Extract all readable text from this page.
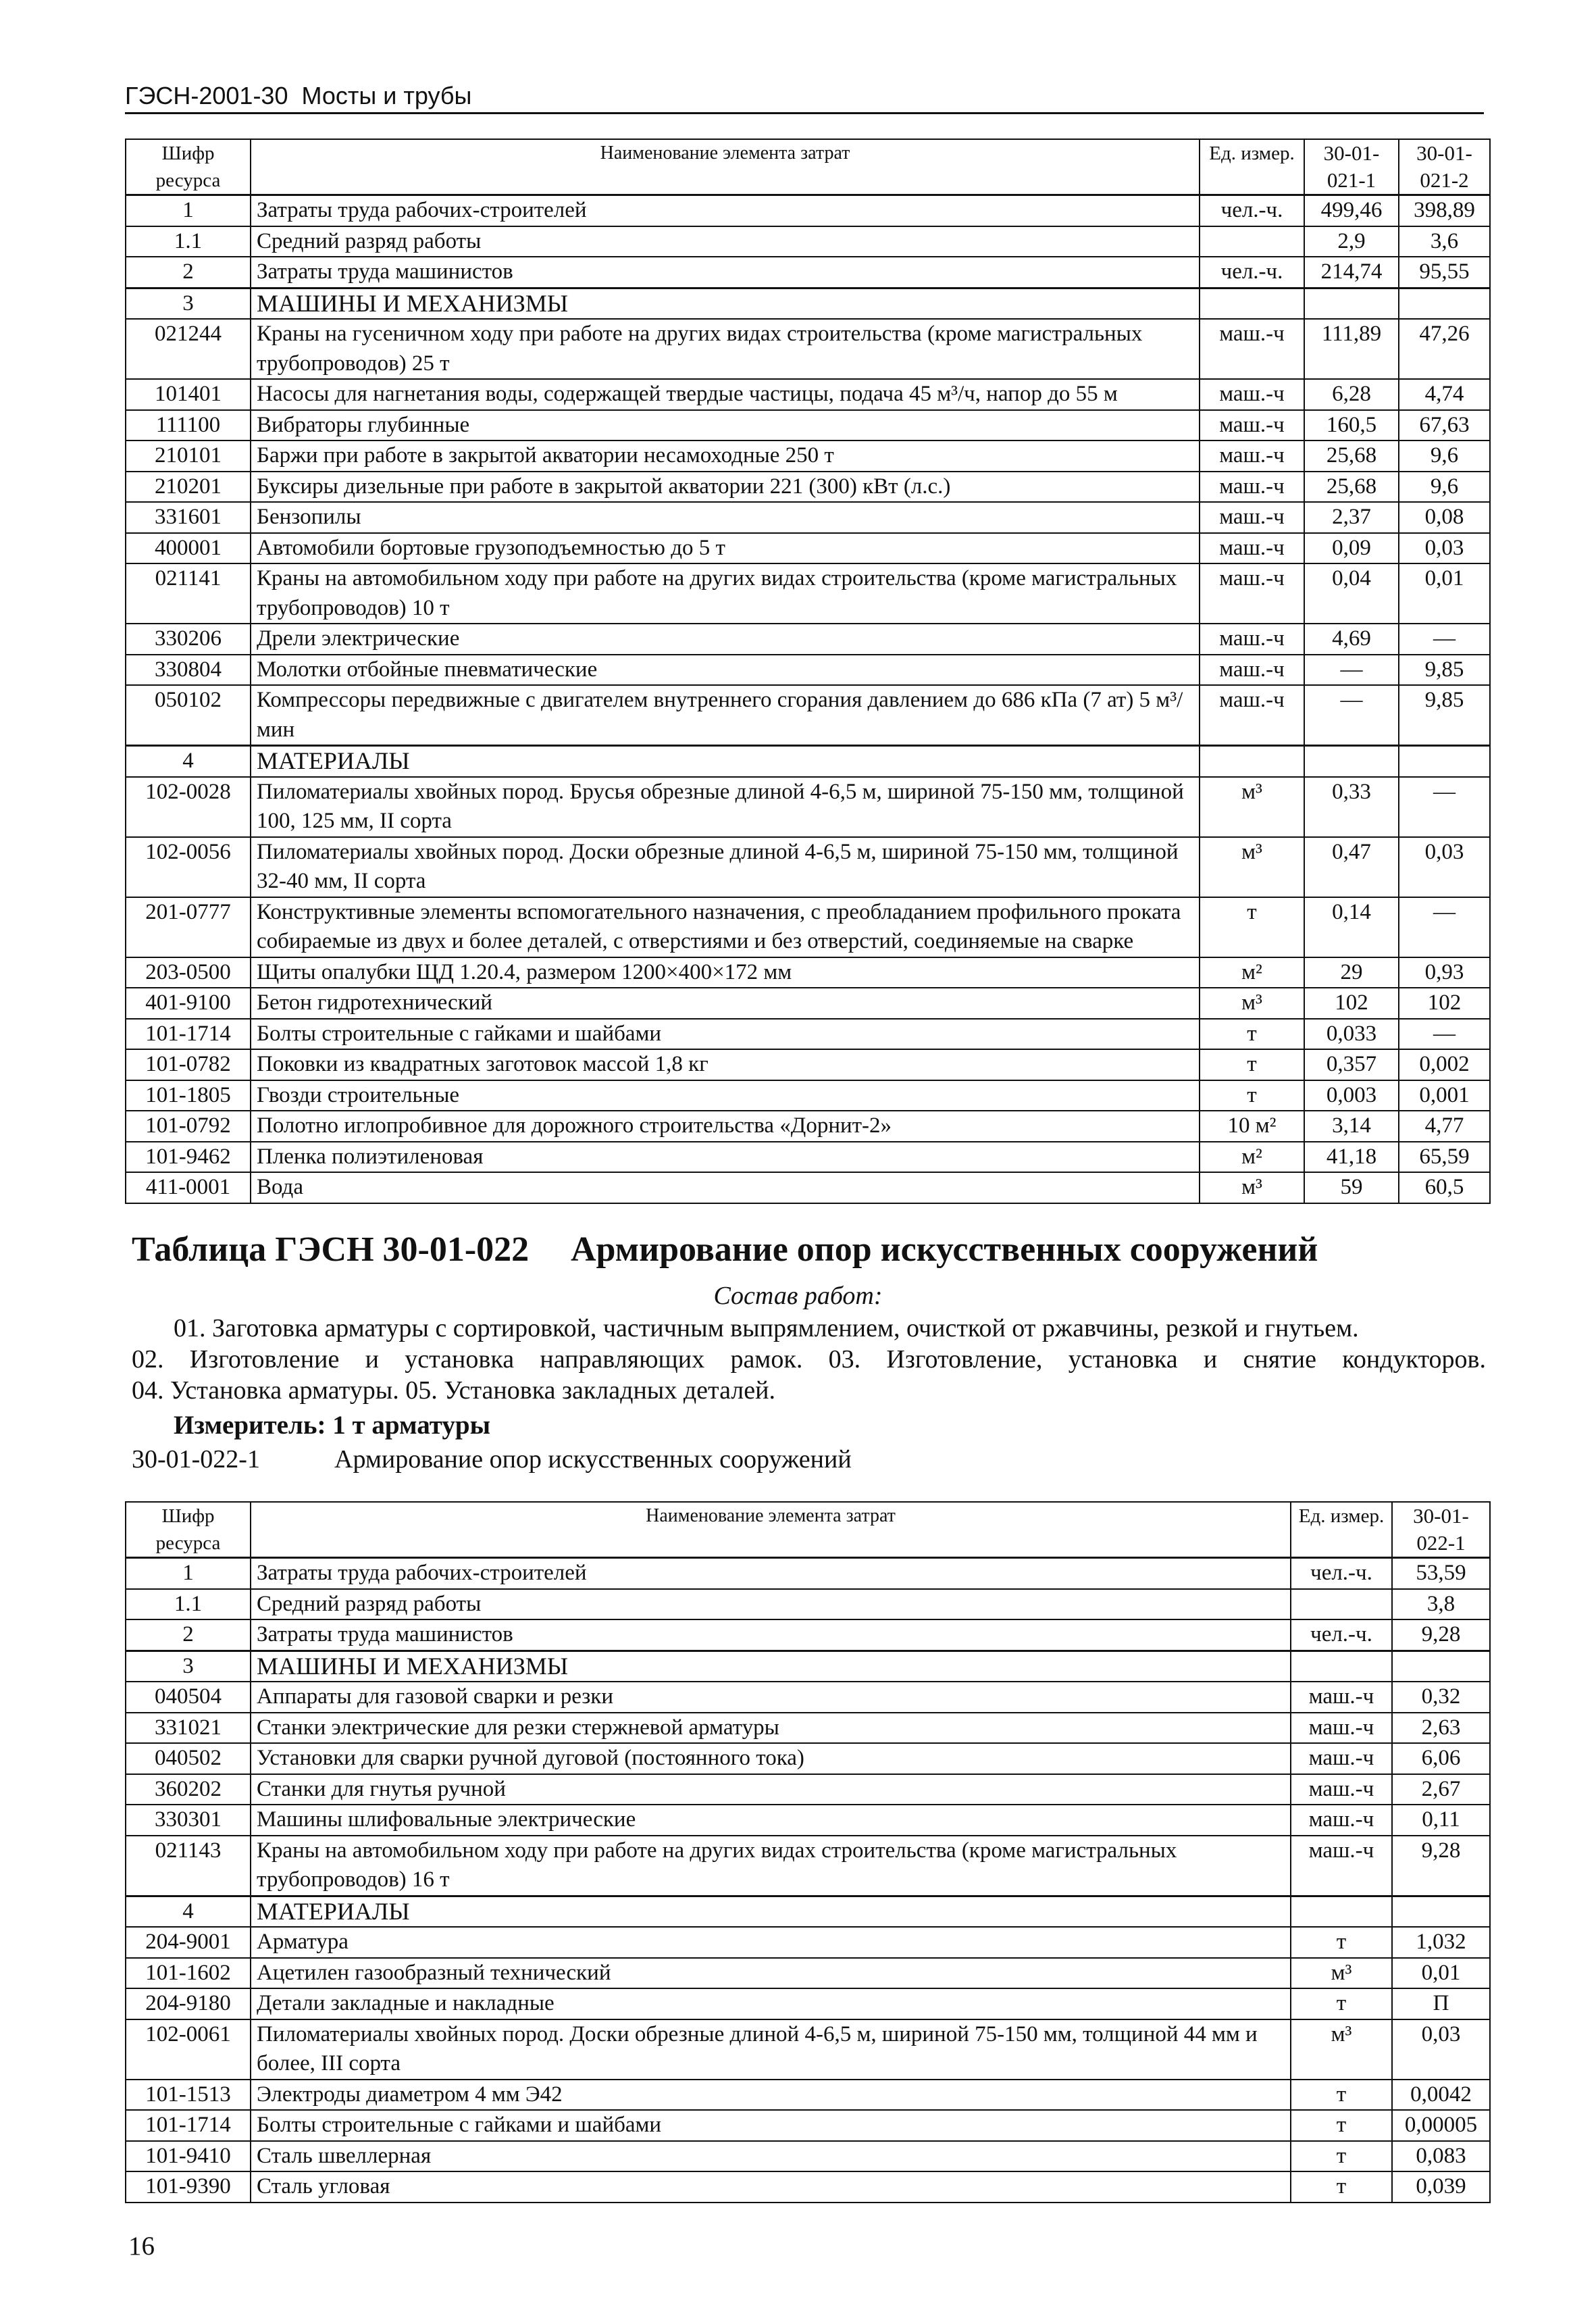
ГЭСН-2001-30 Мосты и трубы
Шифр ресурса	Наименование элемента затрат	Ед. измер.	30-01-021-1	30-01-021-2
1	Затраты труда рабочих-строителей	чел.-ч.	499,46	398,89
1.1	Средний разряд работы		2,9	3,6
2	Затраты труда машинистов	чел.-ч.	214,74	95,55
3	МАШИНЫ И МЕХАНИЗМЫ			
021244	Краны на гусеничном ходу при работе на других видах строительства (кроме магистральных трубопроводов) 25 т	маш.-ч	111,89	47,26
101401	Насосы для нагнетания воды, содержащей твердые частицы, подача 45 м³/ч, напор до 55 м	маш.-ч	6,28	4,74
111100	Вибраторы глубинные	маш.-ч	160,5	67,63
210101	Баржи при работе в закрытой акватории несамоходные 250 т	маш.-ч	25,68	9,6
210201	Буксиры дизельные при работе в закрытой акватории 221 (300) кВт (л.с.)	маш.-ч	25,68	9,6
331601	Бензопилы	маш.-ч	2,37	0,08
400001	Автомобили бортовые грузоподъемностью до 5 т	маш.-ч	0,09	0,03
021141	Краны на автомобильном ходу при работе на других видах строительства (кроме магистральных трубопроводов) 10 т	маш.-ч	0,04	0,01
330206	Дрели электрические	маш.-ч	4,69	—
330804	Молотки отбойные пневматические	маш.-ч	—	9,85
050102	Компрессоры передвижные с двигателем внутреннего сгорания давлением до 686 кПа (7 ат) 5 м³/мин	маш.-ч	—	9,85
4	МАТЕРИАЛЫ			
102-0028	Пиломатериалы хвойных пород. Брусья обрезные длиной 4-6,5 м, шириной 75-150 мм, толщиной 100, 125 мм, II сорта	м³	0,33	—
102-0056	Пиломатериалы хвойных пород. Доски обрезные длиной 4-6,5 м, шириной 75-150 мм, толщиной 32-40 мм, II сорта	м³	0,47	0,03
201-0777	Конструктивные элементы вспомогательного назначения, с преобладанием профильного проката собираемые из двух и более деталей, с отверстиями и без отверстий, соединяемые на сварке	т	0,14	—
203-0500	Щиты опалубки ЩД 1.20.4, размером 1200×400×172 мм	м²	29	0,93
401-9100	Бетон гидротехнический	м³	102	102
101-1714	Болты строительные с гайками и шайбами	т	0,033	—
101-0782	Поковки из квадратных заготовок массой 1,8 кг	т	0,357	0,002
101-1805	Гвозди строительные	т	0,003	0,001
101-0792	Полотно иглопробивное для дорожного строительства «Дорнит-2»	10 м²	3,14	4,77
101-9462	Пленка полиэтиленовая	м²	41,18	65,59
411-0001	Вода	м³	59	60,5
Таблица ГЭСН 30-01-022 Армирование опор искусственных сооружений
Состав работ:
01. Заготовка арматуры с сортировкой, частичным выпрямлением, очисткой от ржавчины, резкой и гнутьем.
02. Изготовление и установка направляющих рамок. 03. Изготовление, установка и снятие кондукторов.
04. Установка арматуры. 05. Установка закладных деталей.
Измеритель: 1 т арматуры
30-01-022-1	Армирование опор искусственных сооружений
Шифр ресурса	Наименование элемента затрат	Ед. измер.	30-01-022-1
1	Затраты труда рабочих-строителей	чел.-ч.	53,59
1.1	Средний разряд работы		3,8
2	Затраты труда машинистов	чел.-ч.	9,28
3	МАШИНЫ И МЕХАНИЗМЫ		
040504	Аппараты для газовой сварки и резки	маш.-ч	0,32
331021	Станки электрические для резки стержневой арматуры	маш.-ч	2,63
040502	Установки для сварки ручной дуговой (постоянного тока)	маш.-ч	6,06
360202	Станки для гнутья ручной	маш.-ч	2,67
330301	Машины шлифовальные электрические	маш.-ч	0,11
021143	Краны на автомобильном ходу при работе на других видах строительства (кроме магистральных трубопроводов) 16 т	маш.-ч	9,28
4	МАТЕРИАЛЫ		
204-9001	Арматура	т	1,032
101-1602	Ацетилен газообразный технический	м³	0,01
204-9180	Детали закладные и накладные	т	П
102-0061	Пиломатериалы хвойных пород. Доски обрезные длиной 4-6,5 м, шириной 75-150 мм, толщиной 44 мм и более, III сорта	м³	0,03
101-1513	Электроды диаметром 4 мм Э42	т	0,0042
101-1714	Болты строительные с гайками и шайбами	т	0,00005
101-9410	Сталь швеллерная	т	0,083
101-9390	Сталь угловая	т	0,039
16
